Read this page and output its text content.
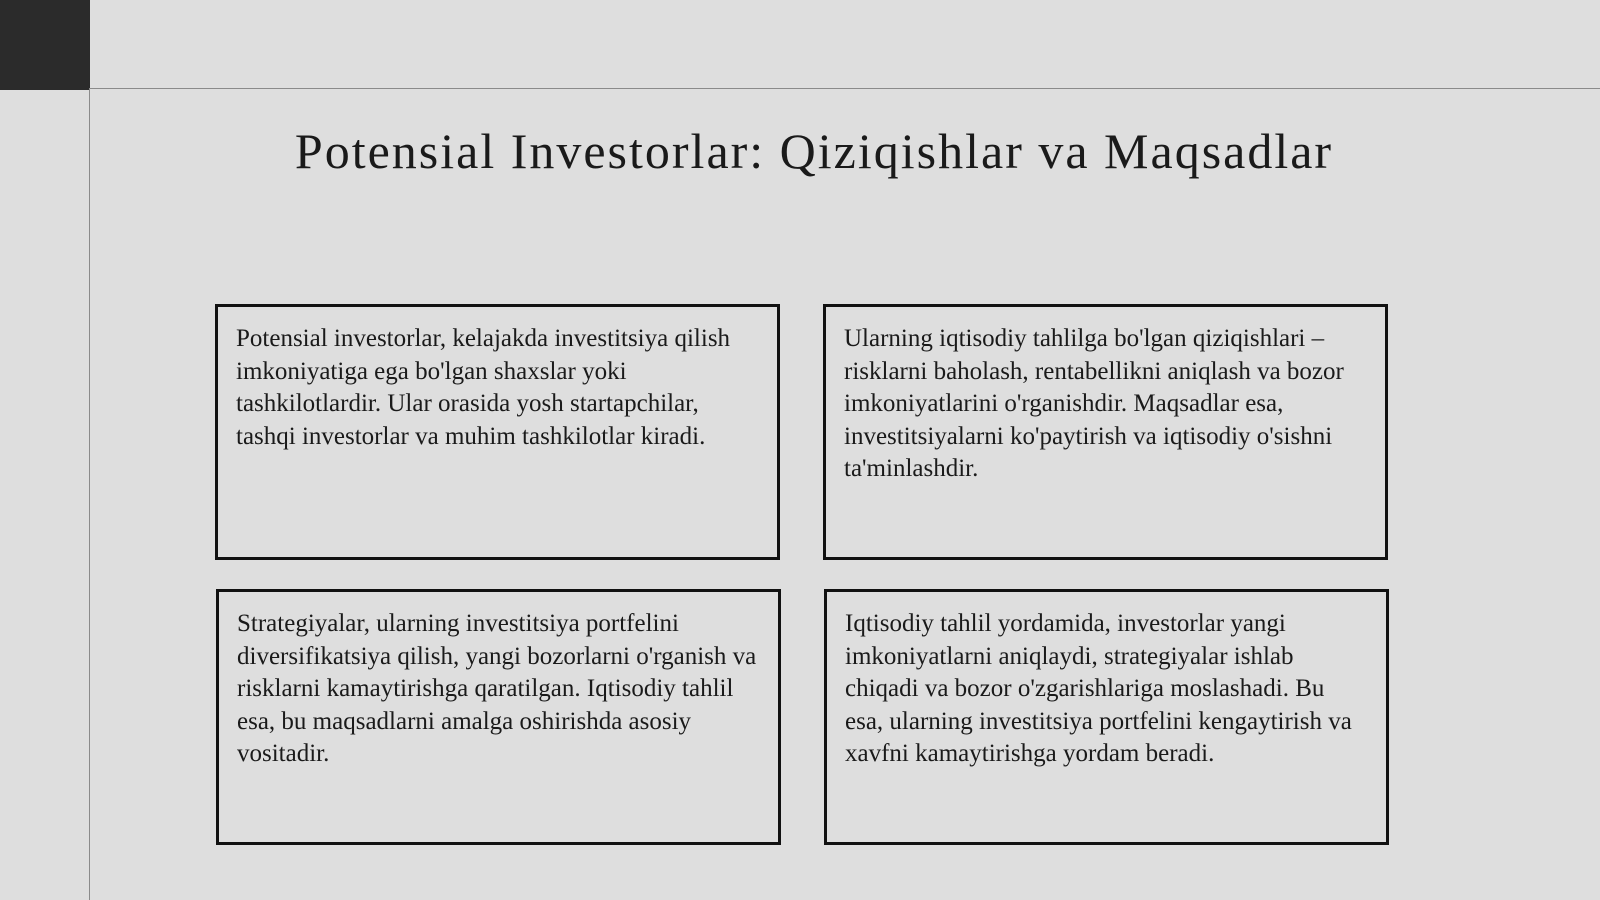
Potensial Investorlar: Qiziqishlar va Maqsadlar
Potensial investorlar, kelajakda investitsiya qilish imkoniyatiga ega bo'lgan shaxslar yoki tashkilotlardir. Ular orasida yosh startapchilar, tashqi investorlar va muhim tashkilotlar kiradi.
Ularning iqtisodiy tahlilga bo'lgan qiziqishlari – risklarni baholash, rentabellikni aniqlash va bozor imkoniyatlarini o'rganishdir. Maqsadlar esa, investitsiyalarni ko'paytirish va iqtisodiy o'sishni ta'minlashdir.
Strategiyalar, ularning investitsiya portfelini diversifikatsiya qilish, yangi bozorlarni o'rganish va risklarni kamaytirishga qaratilgan. Iqtisodiy tahlil esa, bu maqsadlarni amalga oshirishda asosiy vositadir.
Iqtisodiy tahlil yordamida, investorlar yangi imkoniyatlarni aniqlaydi, strategiyalar ishlab chiqadi va bozor o'zgarishlariga moslashadi. Bu esa, ularning investitsiya portfelini kengaytirish va xavfni kamaytirishga yordam beradi.
